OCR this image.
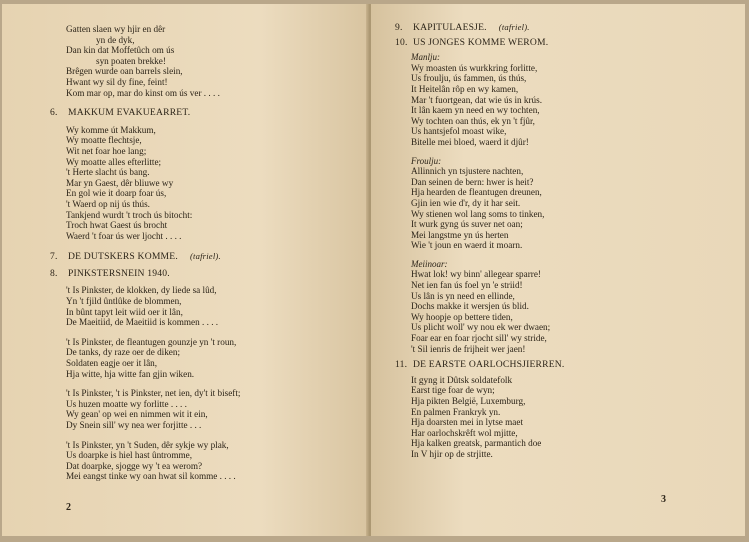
Gatten slaen wy hjir en dêr
yn de dyk,
Dan kin dat Moffetûch om ús
syn poaten brekke!
Brêgen wurde oan barrels slein,
Hwant wy sil dy fine, feint!
Kom mar op, mar do kinst om ús ver . . . .
6.	MAKKUM EVAKUEARRET.
Wy komme út Makkum,
Wy moatte flechtsje,
Wit net foar hoe lang;
Wy moatte alles efterlitte;
't Herte slacht ús bang.
Mar yn Gaest, dêr bliuwe wy
En gol wie it doarp foar ús,
't Waerd op nij ús thús.
Tankjend wurdt 't troch ús bitocht:
Troch hwat Gaest ús brocht
Waerd 't foar ús wer ljocht . . . .
7.	DE DUTSKERS KOMME. (tafriel).
8.	PINKSTERSNEIN 1940.
't Is Pinkster, de klokken, dy liede sa lûd,
Yn 't fjild ûntlûke de blommen,
In bûnt tapyt leit wiid oer it lân,
De Maeitiid, de Maeitiid is kommen . . . .
't Is Pinkster, de fleantugen gounzje yn 't roun,
De tanks, dy raze oer de diken;
Soldaten eagje oer it lân,
Hja witte, hja witte fan gjin wiken.
't Is Pinkster, 't is Pinkster, net ien, dy't it biseft;
Us huzen moatte wy forlitte . . . .
Wy gean' op wei en nimmen wit it ein,
Dy Snein sill' wy nea wer forjitte . . .
't Is Pinkster, yn 't Suden, dêr sykje wy plak,
Us doarpke is hiel hast ûntromme,
Dat doarpke, sjogge wy 't ea werom?
Mei eangst tinke wy oan hwat sil komme . . . .
2
9.	KAPITULAESJE. (tafriel).
10. US JONGES KOMME WEROM.
Manlju:
Wy moasten ús wurkkring forlitte,
Us froulju, ús fammen, ús thús,
It Heitelân rôp en wy kamen,
Mar 't fuortgean, dat wie ús in krús.
It lân kaem yn need en wy tochten,
Wy tochten oan thús, ek yn 't fjûr,
Us hantsjefol moast wike,
Bitelle mei bloed, waerd it djûr!
Froulju:
Allinnich yn tsjustere nachten,
Dan seinen de bern: hwer is heit?
Hja hearden de fleantugen dreunen,
Gjin ien wie d'r, dy it har seit.
Wy stienen wol lang soms to tinken,
It wurk gyng ús suver net oan;
Mei langstme yn ús herten
Wie 't joun en waerd it moarn.
Meiinoar:
Hwat lok! wy binn' allegear sparre!
Net ien fan ús foel yn 'e striid!
Us lân is yn need en ellinde,
Dochs makke it wersjen ús blid.
Wy hoopje op bettere tiden,
Us plicht woll' wy nou ek wer dwaen;
Foar ear en foar rjocht sill' wy stride,
't Sil ienris de frijheit wer jaen!
11. DE EARSTE OARLOCHSJIERREN.
It gyng it Dûtsk soldatefolk
Earst tige foar de wyn;
Hja pikten België, Luxemburg,
En palmen Frankryk yn.
Hja doarsten mei in lytse maet
Har oarlochskrêft wol mjitte,
Hja kalken greatsk, parmantich doe
In V hjir op de strjitte.
3
